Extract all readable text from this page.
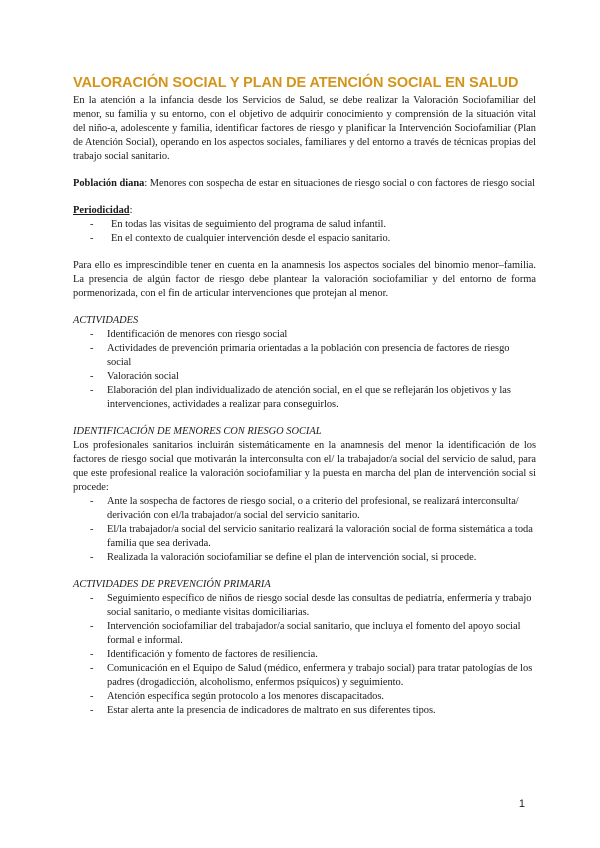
VALORACIÓN SOCIAL Y PLAN DE ATENCIÓN SOCIAL EN SALUD

En la atención a la infancia desde los Servicios de Salud, se debe realizar la Valoración Sociofamiliar del menor, su familia y su entorno, con el objetivo de adquirir conocimiento y comprensión de la situación vital del niño-a, adolescente y familia, identificar factores de riesgo y planificar la Intervención Sociofamiliar (Plan de Atención Social), operando en los aspectos sociales, familiares y del entorno a través de técnicas propias del trabajo social sanitario.

Población diana: Menores con sospecha de estar en situaciones de riesgo social o con factores de riesgo social

Periodicidad:

- En todas las visitas de seguimiento del programa de salud infantil.
- En el contexto de cualquier intervención desde el espacio sanitario.

Para ello es imprescindible tener en cuenta en la anamnesis los aspectos sociales del binomio menor–familia. La presencia de algún factor de riesgo debe plantear la valoración sociofamiliar y del entorno de forma pormenorizada, con el fin de articular intervenciones que protejan al menor.

ACTIVIDADES

- Identificación de menores con riesgo social
- Actividades de prevención primaria orientadas a la población con presencia de factores de riesgo social
- Valoración social
- Elaboración del plan individualizado de atención social, en el que se reflejarán los objetivos y las intervenciones, actividades a realizar para conseguirlos.

IDENTIFICACIÓN DE MENORES CON RIESGO SOCIAL

Los profesionales sanitarios incluirán sistemáticamente en la anamnesis del menor la identificación de los factores de riesgo social que motivarán la interconsulta con el/ la trabajador/a social del servicio de salud, para que este profesional realice la valoración sociofamiliar y la puesta en marcha del plan de intervención social si procede:

- Ante la sospecha de factores de riesgo social, o a criterio del profesional, se realizará interconsulta/ derivación con el/la trabajador/a social del servicio sanitario.
- El/la trabajador/a social del servicio sanitario realizará la valoración social de forma sistemática a toda familia que sea derivada.
- Realizada la valoración sociofamiliar se define el plan de intervención social, si procede.

ACTIVIDADES DE PREVENCIÓN PRIMARIA

- Seguimiento específico de niños de riesgo social desde las consultas de pediatría, enfermería y trabajo social sanitario, o mediante visitas domiciliarias.
- Intervención sociofamiliar del trabajador/a social sanitario, que incluya el fomento del apoyo social formal e informal.
- Identificación y fomento de factores de resiliencia.
- Comunicación en el Equipo de Salud (médico, enfermera y trabajo social) para tratar patologías de los padres (drogadicción, alcoholismo, enfermos psíquicos) y seguimiento.
- Atención específica según protocolo a los menores discapacitados.
- Estar alerta ante la presencia de indicadores de maltrato en sus diferentes tipos.
1
